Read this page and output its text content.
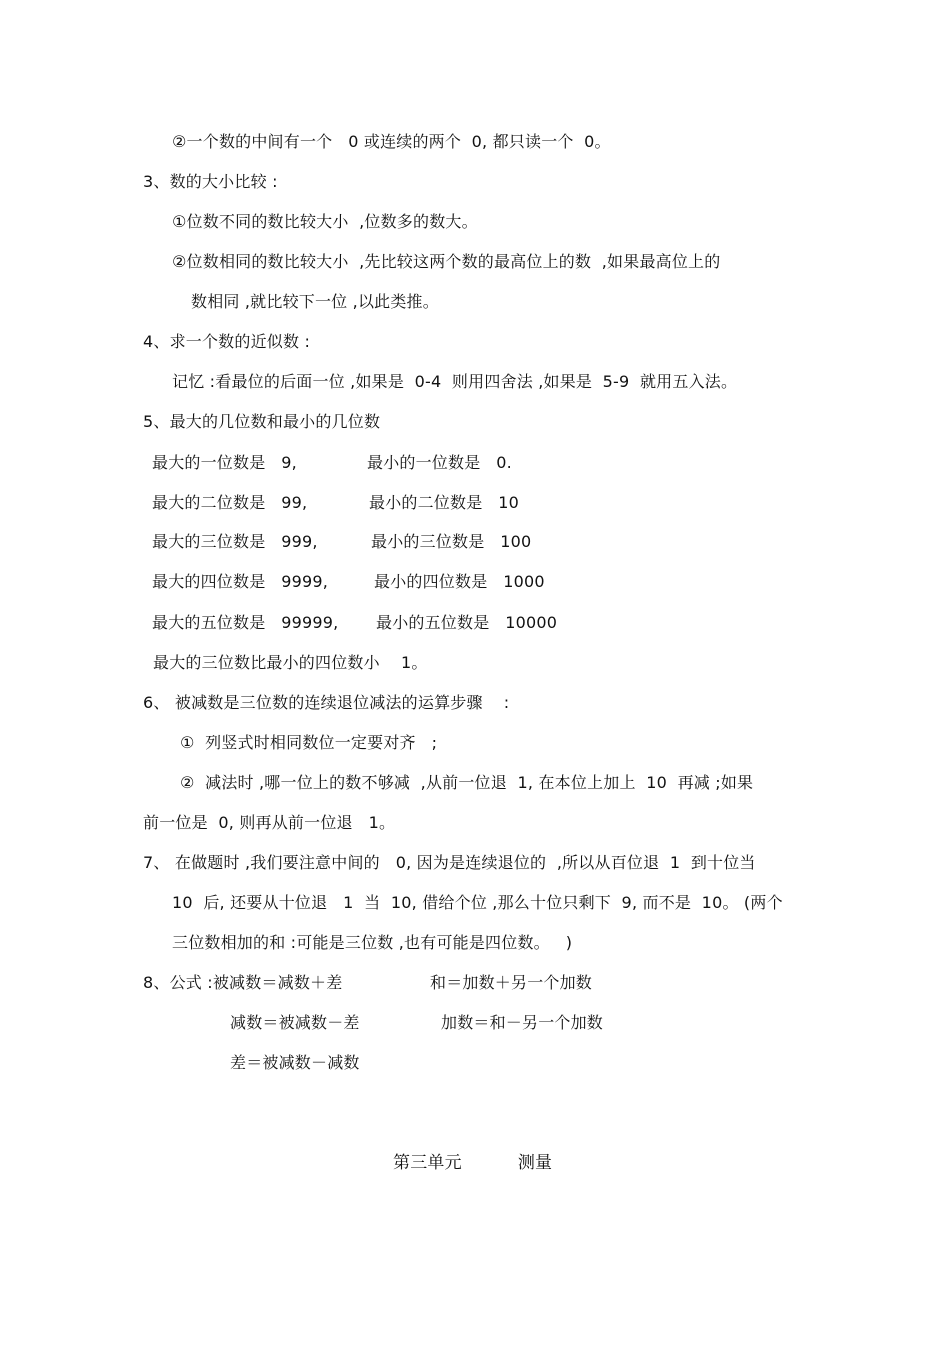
②一个数的中间有一个   0 或连续的两个  0, 都只读一个  0。
3、数的大小比较 :
①位数不同的数比较大小  ,位数多的数大。
②位数相同的数比较大小  ,先比较这两个数的最高位上的数  ,如果最高位上的
数相同 ,就比较下一位 ,以此类推。
4、求一个数的近似数 :
记忆 :看最位的后面一位 ,如果是  0-4  则用四舍法 ,如果是  5-9  就用五入法。
5、最大的几位数和最小的几位数
最大的一位数是   9,	最小的一位数是   0.
最大的二位数是   99,	最小的二位数是   10
最大的三位数是   999,	最小的三位数是   100
最大的四位数是   9999,	最小的四位数是   1000
最大的五位数是   99999, 最小的五位数是   10000
最大的三位数比最小的四位数小    1。
6、 被减数是三位数的连续退位减法的运算步骤    :
①  列竖式时相同数位一定要对齐   ;
②  减法时 ,哪一位上的数不够减  ,从前一位退  1, 在本位上加上  10  再减 ;如果
前一位是  0, 则再从前一位退   1。
7、 在做题时 ,我们要注意中间的   0, 因为是连续退位的  ,所以从百位退  1  到十位当
10  后, 还要从十位退   1  当  10, 借给个位 ,那么十位只剩下  9, 而不是  10。 (两个
三位数相加的和 :可能是三位数 ,也有可能是四位数。   )
8、公式 :被减数＝减数＋差	和＝加数＋另一个加数
减数＝被减数－差	加数＝和－另一个加数
差＝被减数－减数
第三单元          测量
